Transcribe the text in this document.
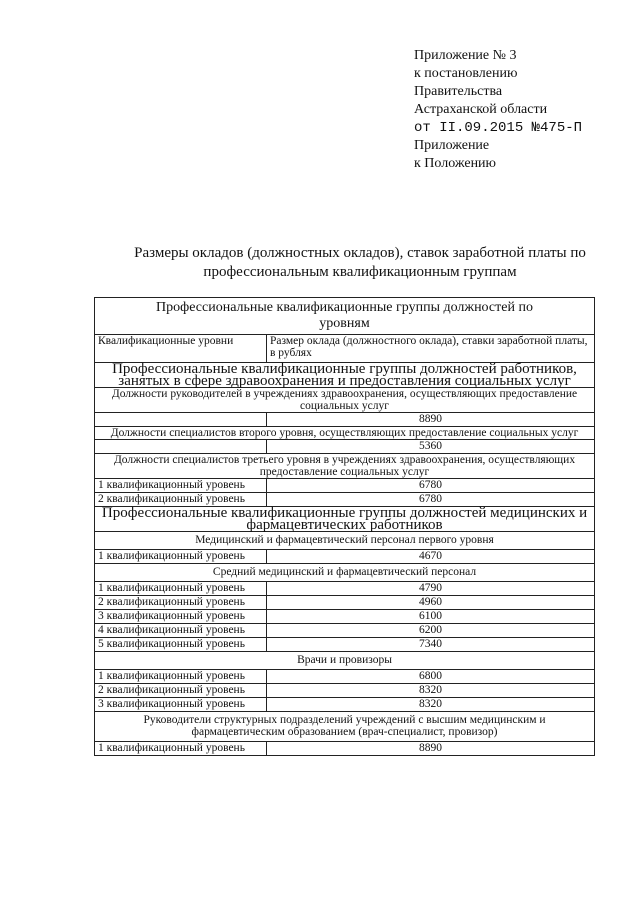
Приложение № 3
к постановлению
Правительства
Астраханской области
от II.09.2015 №475-П
Приложение
к Положению
Размеры окладов (должностных окладов), ставок заработной платы по
профессиональным квалификационным группам
Профессиональные квалификационные группы должностей по уровням	
Квалификационные уровни	Размер оклада (должностного оклада), ставки заработной платы, в рублях
Профессиональные квалификационные группы должностей работников, занятых в сфере здравоохранения и предоставления социальных услуг	
Должности руководителей в учреждениях здравоохранения, осуществляющих предоставление социальных услуг	
	8890
Должности специалистов второго уровня, осуществляющих предоставление социальных услуг	
	5360
Должности специалистов третьего уровня в учреждениях здравоохранения, осуществляющих предоставление социальных услуг	
1 квалификационный уровень	6780
2 квалификационный уровень	6780
Профессиональные квалификационные группы должностей медицинских и фармацевтических работников	
Медицинский и фармацевтический персонал первого уровня	
1 квалификационный уровень	4670
Средний медицинский и фармацевтический персонал	
1 квалификационный уровень	4790
2 квалификационный уровень	4960
3 квалификационный уровень	6100
4 квалификационный уровень	6200
5 квалификационный уровень	7340
Врачи и провизоры	
1 квалификационный уровень	6800
2 квалификационный уровень	8320
3 квалификационный уровень	8320
Руководители структурных подразделений учреждений с высшим медицинским и фармацевтическим образованием (врач-специалист, провизор)	
1 квалификационный уровень	8890
